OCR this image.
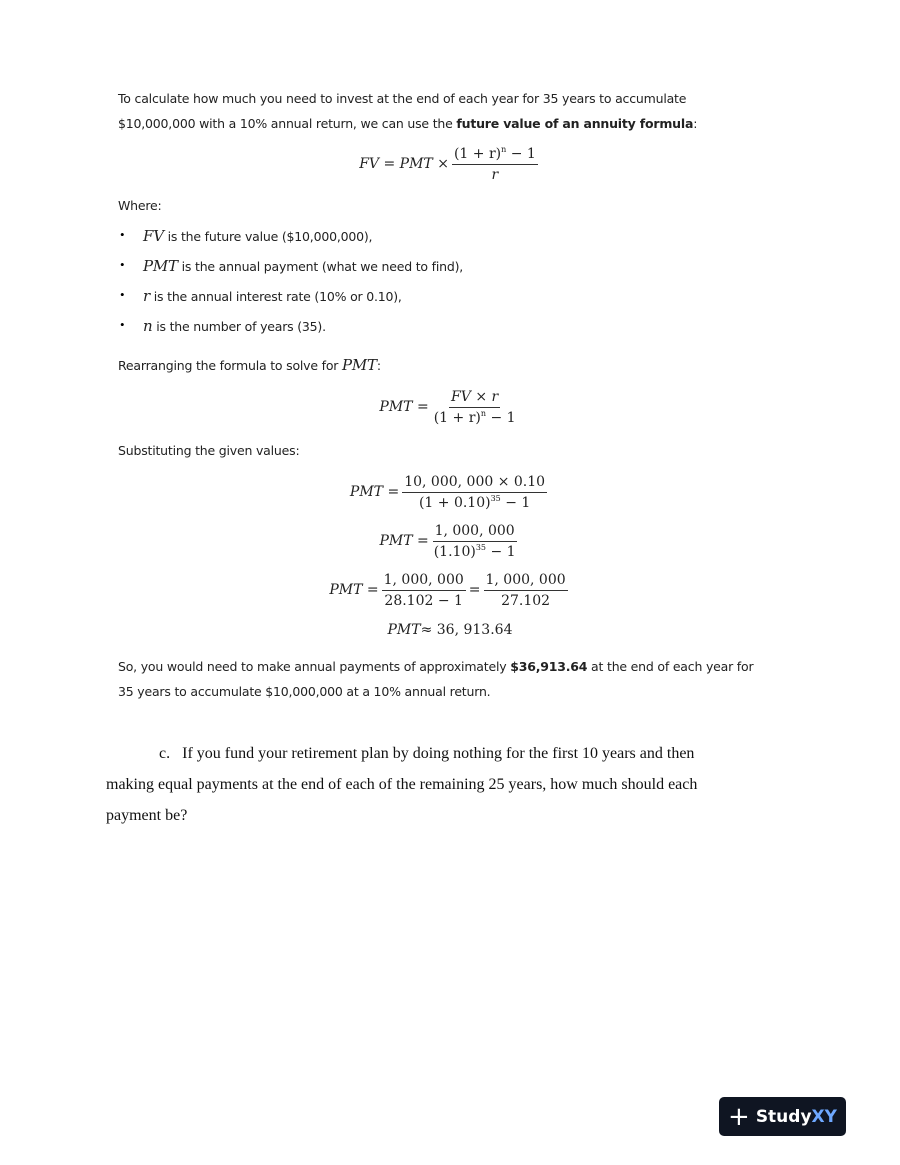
To calculate how much you need to invest at the end of each year for 35 years to accumulate
$10,000,000 with a 10% annual return, we can use the future value of an annuity formula:
FV = PMT × $\frac{(1 + r)^n - 1}{r}$
Where:
• FV is the future value ($10,000,000),
• PMT is the annual payment (what we need to find),
• r is the annual interest rate (10% or 0.10),
• n is the number of years (35).
Rearranging the formula to solve for PMT:
PMT = $\frac{FV \times r}{(1 + r)^n - 1}$
Substituting the given values:
PMT = $\frac{10, 000, 000 \times 0.10}{(1 + 0.10)^{35} - 1}$
PMT = $\frac{1, 000, 000}{(1.10)^{35} - 1}$
PMT = $\frac{1, 000, 000}{28.102 - 1} = \frac{1, 000, 000}{27.102}$
PMT ≈ 36, 913.64
So, you would need to make annual payments of approximately $36,913.64 at the end of each year for
35 years to accumulate $10,000,000 at a 10% annual return.
c. If you fund your retirement plan by doing nothing for the first 10 years and then
making equal payments at the end of each of the remaining 25 years, how much should each
payment be?
+ Study XY
